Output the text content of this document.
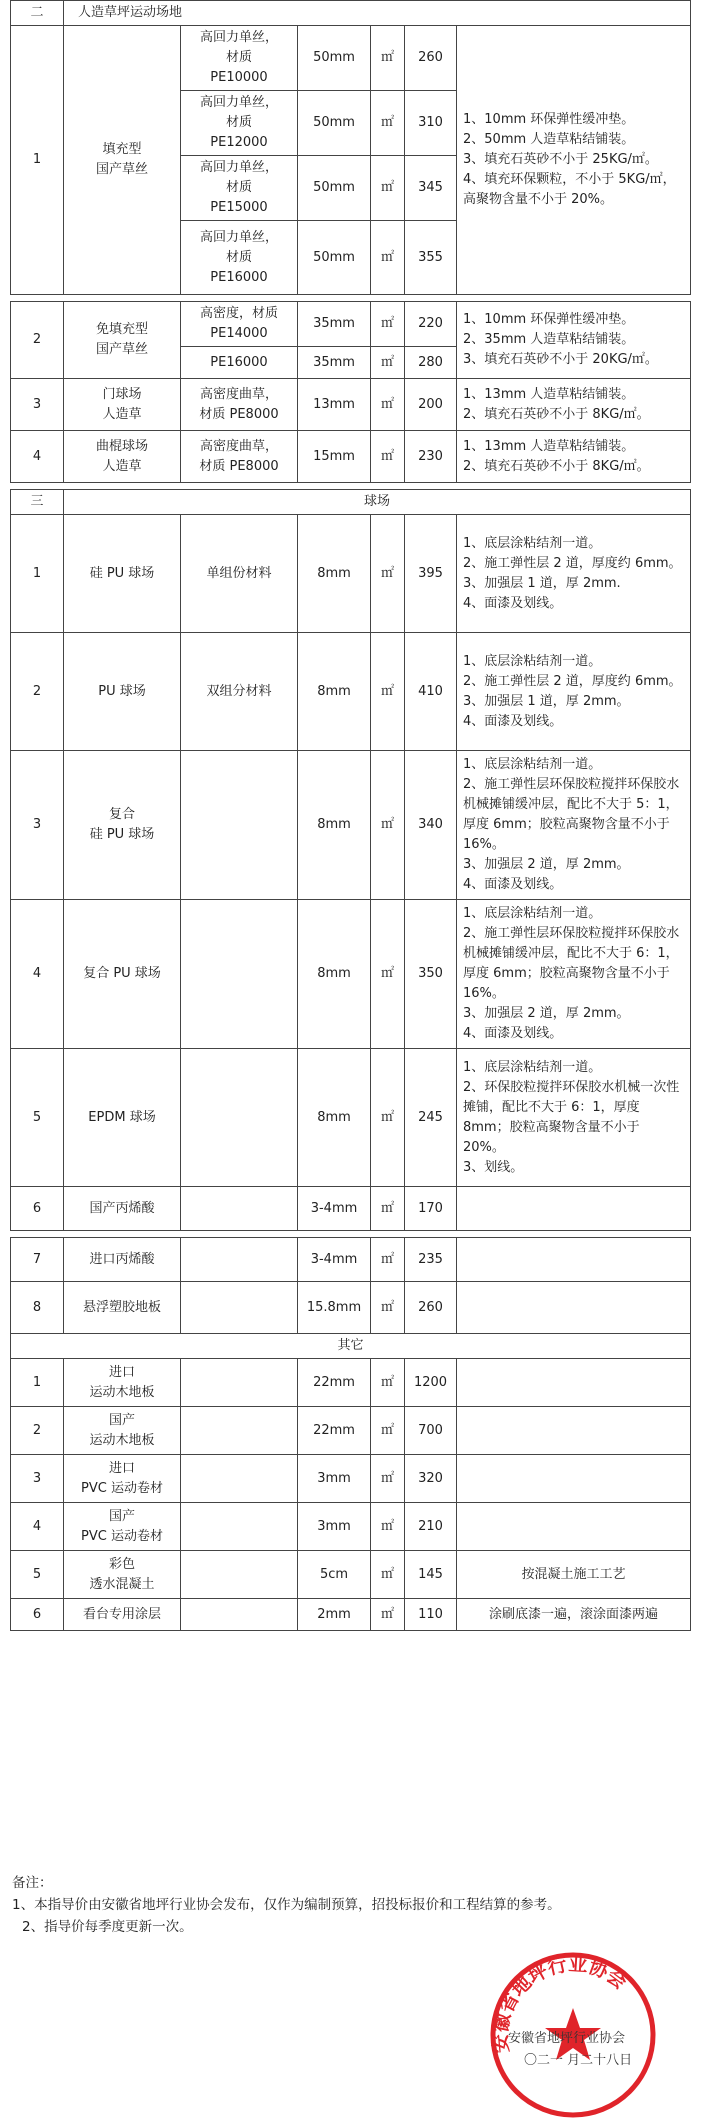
二	人造草坪运动场地					
1	填充型
国产草丝	高回力单丝，
材质
PE10000	50mm	㎡	260	1、10mm 环保弹性缓冲垫。
2、50mm 人造草粘结铺装。
3、填充石英砂不小于 25KG/㎡。
4、填充环保颗粒，不小于 5KG/㎡，高聚物含量不小于 20%。
		高回力单丝，
材质
PE12000	50mm	㎡	310	
		高回力单丝，
材质
PE15000	50mm	㎡	345	
		高回力单丝，
材质
PE16000	50mm	㎡	355	

2	免填充型
国产草丝	高密度，材质
PE14000	35mm	㎡	220	1、10mm 环保弹性缓冲垫。
2、35mm 人造草粘结铺装。
3、填充石英砂不小于 20KG/㎡。
		PE16000	35mm	㎡	280	
3	门球场
人造草	高密度曲草，
材质 PE8000	13mm	㎡	200	1、13mm 人造草粘结铺装。
2、填充石英砂不小于 8KG/㎡。
4	曲棍球场
人造草	高密度曲草，
材质 PE8000	15mm	㎡	230	1、13mm 人造草粘结铺装。
2、填充石英砂不小于 8KG/㎡。

三	球场					
1	硅 PU 球场	单组份材料	8mm	㎡	395	1、底层涂粘结剂一道。
2、施工弹性层 2 道，厚度约 6mm。
3、加强层 1 道，厚 2mm.
4、面漆及划线。
2	PU 球场	双组分材料	8mm	㎡	410	1、底层涂粘结剂一道。
2、施工弹性层 2 道，厚度约 6mm。
3、加强层 1 道，厚 2mm。
4、面漆及划线。
3	复合
硅 PU 球场		8mm	㎡	340	1、底层涂粘结剂一道。
2、施工弹性层环保胶粒搅拌环保胶水机械摊铺缓冲层，配比不大于 5：1，厚度 6mm；胶粒高聚物含量不小于 16%。
3、加强层 2 道，厚 2mm。
4、面漆及划线。
4	复合 PU 球场		8mm	㎡	350	1、底层涂粘结剂一道。
2、施工弹性层环保胶粒搅拌环保胶水机械摊铺缓冲层，配比不大于 6：1，厚度 6mm；胶粒高聚物含量不小于 16%。
3、加强层 2 道，厚 2mm。
4、面漆及划线。
5	EPDM 球场		8mm	㎡	245	1、底层涂粘结剂一道。
2、环保胶粒搅拌环保胶水机械一次性摊铺，配比不大于 6：1，厚度 8mm；胶粒高聚物含量不小于 20%。
3、划线。
6	国产丙烯酸		3-4mm	㎡	170	

7	进口丙烯酸		3-4mm	㎡	235	
8	悬浮塑胶地板		15.8mm	㎡	260	
其它						
1	进口
运动木地板		22mm	㎡	1200	
2	国产
运动木地板		22mm	㎡	700	
3	进口
PVC 运动卷材		3mm	㎡	320	
4	国产
PVC 运动卷材		3mm	㎡	210	
5	彩色
透水混凝土		5cm	㎡	145	按混凝土施工工艺
6	看台专用涂层		2mm	㎡	110	涂刷底漆一遍，滚涂面漆两遍
备注：
1、本指导价由安徽省地坪行业协会发布，仅作为编制预算，招投标报价和工程结算的参考。
2、指导价每季度更新一次。
安徽省地坪行业协会
安徽省地坪行业协会
〇二一 月二十八日
